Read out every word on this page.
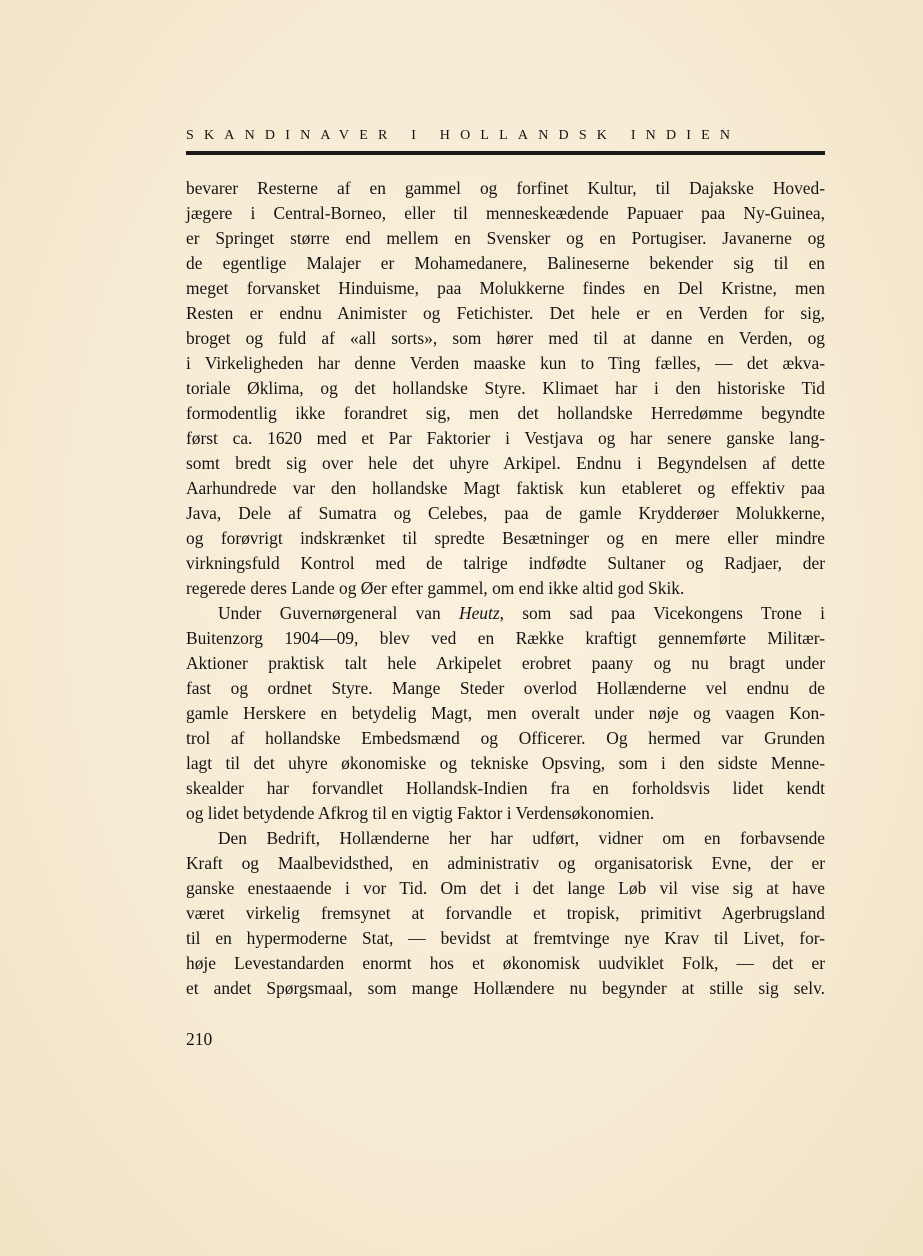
SKANDINAVER I HOLLANDSK INDIEN
bevarer Resterne af en gammel og forfinet Kultur, til Dajakske Hoved-
jægere i Central-Borneo, eller til menneskeædende Papuaer paa Ny-Guinea,
er Springet større end mellem en Svensker og en Portugiser. Javanerne og
de egentlige Malajer er Mohamedanere, Balineserne bekender sig til en
meget forvansket Hinduisme, paa Molukkerne findes en Del Kristne, men
Resten er endnu Animister og Fetichister. Det hele er en Verden for sig,
broget og fuld af «all sorts», som hører med til at danne en Verden, og
i Virkeligheden har denne Verden maaske kun to Ting fælles, — det ækva-
toriale Øklima, og det hollandske Styre. Klimaet har i den historiske Tid
formodentlig ikke forandret sig, men det hollandske Herredømme begyndte
først ca. 1620 med et Par Faktorier i Vestjava og har senere ganske lang-
somt bredt sig over hele det uhyre Arkipel. Endnu i Begyndelsen af dette
Aarhundrede var den hollandske Magt faktisk kun etableret og effektiv paa
Java, Dele af Sumatra og Celebes, paa de gamle Krydderøer Molukkerne,
og forøvrigt indskrænket til spredte Besætninger og en mere eller mindre
virkningsfuld Kontrol med de talrige indfødte Sultaner og Radjaer, der
regerede deres Lande og Øer efter gammel, om end ikke altid god Skik.
Under Guvernørgeneral van Heutz, som sad paa Vicekongens Trone i
Buitenzorg 1904—09, blev ved en Række kraftigt gennemførte Militær-
Aktioner praktisk talt hele Arkipelet erobret paany og nu bragt under
fast og ordnet Styre. Mange Steder overlod Hollænderne vel endnu de
gamle Herskere en betydelig Magt, men overalt under nøje og vaagen Kon-
trol af hollandske Embedsmænd og Officerer. Og hermed var Grunden
lagt til det uhyre økonomiske og tekniske Opsving, som i den sidste Menne-
skealder har forvandlet Hollandsk-Indien fra en forholdsvis lidet kendt
og lidet betydende Afkrog til en vigtig Faktor i Verdensøkonomien.
Den Bedrift, Hollænderne her har udført, vidner om en forbavsende
Kraft og Maalbevidsthed, en administrativ og organisatorisk Evne, der er
ganske enestaaende i vor Tid. Om det i det lange Løb vil vise sig at have
været virkelig fremsynet at forvandle et tropisk, primitivt Agerbrugsland
til en hypermoderne Stat, — bevidst at fremtvinge nye Krav til Livet, for-
høje Levestandarden enormt hos et økonomisk uudviklet Folk, — det er
et andet Spørgsmaal, som mange Hollændere nu begynder at stille sig selv.
210
